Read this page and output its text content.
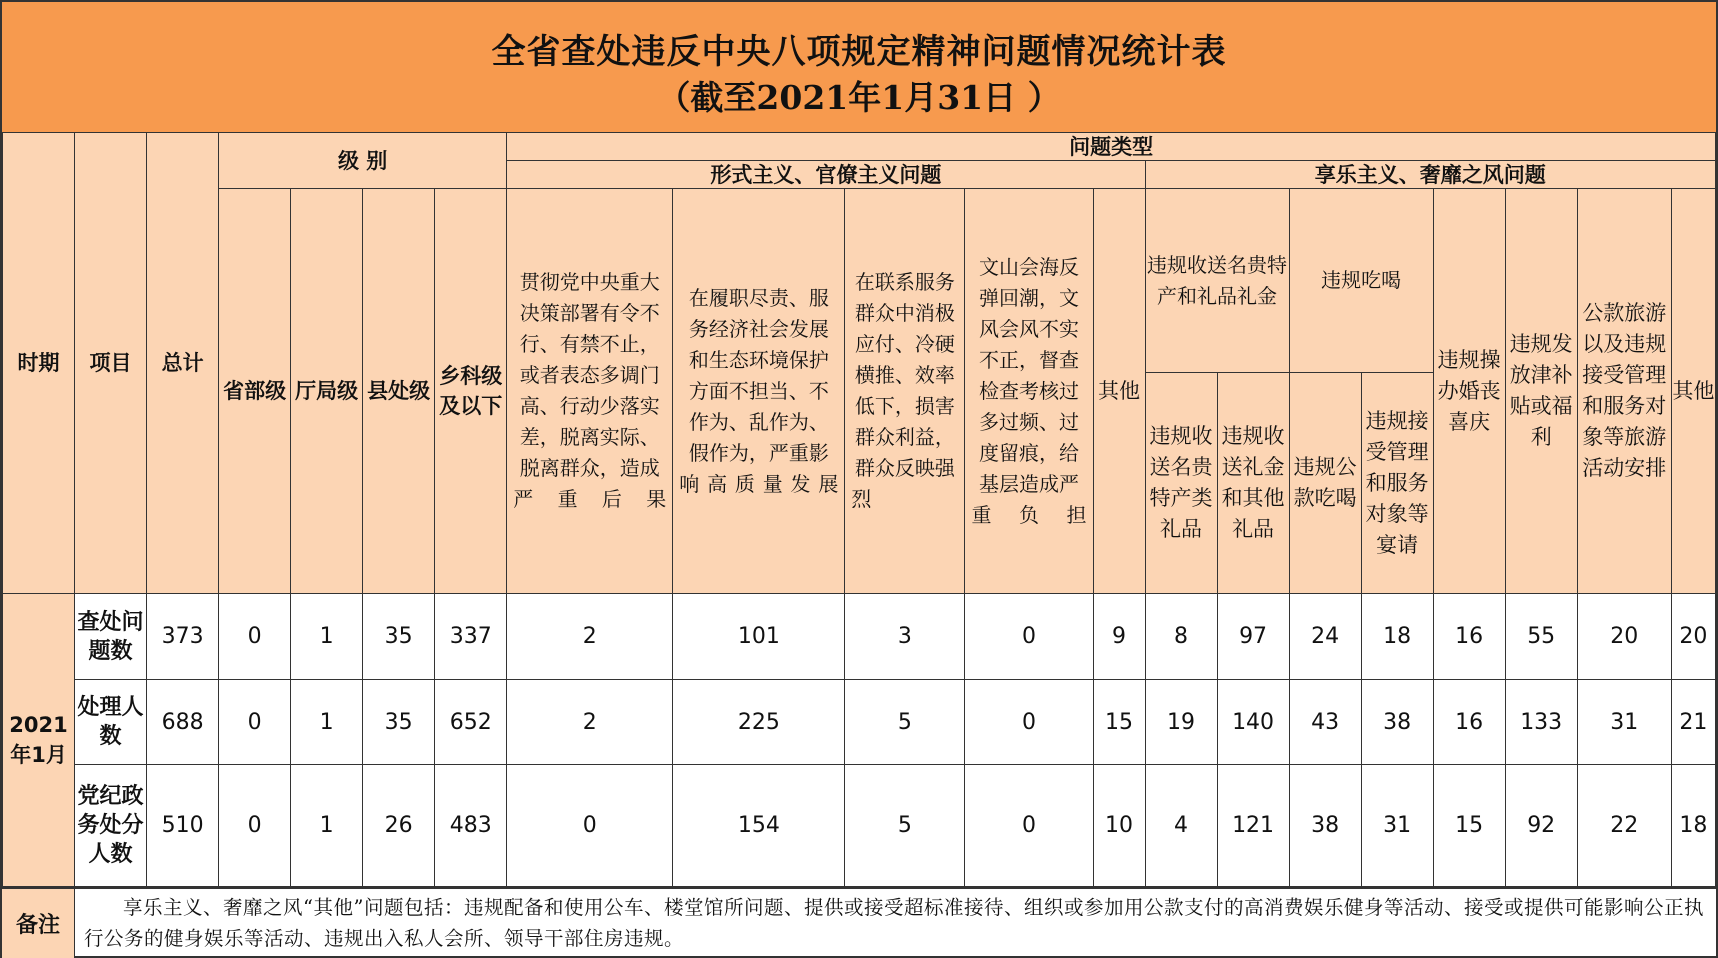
全省查处违反中央八项规定精神问题情况统计表
（截至2021年1月31日 ）
时期	项目	总计	级 别				问题类型												
							形式主义、官僚主义问题					享乐主义、奢靡之风问题							
			省部级	厅局级	县处级	乡科级及以下	贯彻党中央重大决策部署有令不行、有禁不止，或者表态多调门高、行动少落实差，脱离实际、脱离群众，造成严重后果	在履职尽责、服务经济社会发展和生态环境保护方面不担当、不作为、乱作为、假作为，严重影响高质量发展	在联系服务群众中消极应付、冷硬横推、效率低下，损害群众利益，群众反映强烈	文山会海反弹回潮，文风会风不实不正，督查检查考核过多过频、过度留痕，给基层造成严重负担	其他	违规收送名贵特产和礼品礼金		违规吃喝		违规操办婚丧喜庆	违规发放津补贴或福利	公款旅游以及违规接受管理和服务对象等旅游活动安排	其他
												违规收送名贵特产类礼品	违规收送礼金和其他礼品	违规公款吃喝	违规接受管理和服务对象等宴请				
2021年1月	查处问题数	373	0	1	35	337	2	101	3	0	9	8	97	24	18	16	55	20	20
	处理人数	688	0	1	35	652	2	225	5	0	15	19	140	43	38	16	133	31	21
	党纪政务处分人数	510	0	1	26	483	0	154	5	0	10	4	121	38	31	15	92	22	18
备注
享乐主义、奢靡之风“其他”问题包括：违规配备和使用公车、楼堂馆所问题、提供或接受超标准接待、组织或参加用公款支付的高消费娱乐健身等活动、接受或提供可能影响公正执行公务的健身娱乐等活动、违规出入私人会所、领导干部住房违规。
